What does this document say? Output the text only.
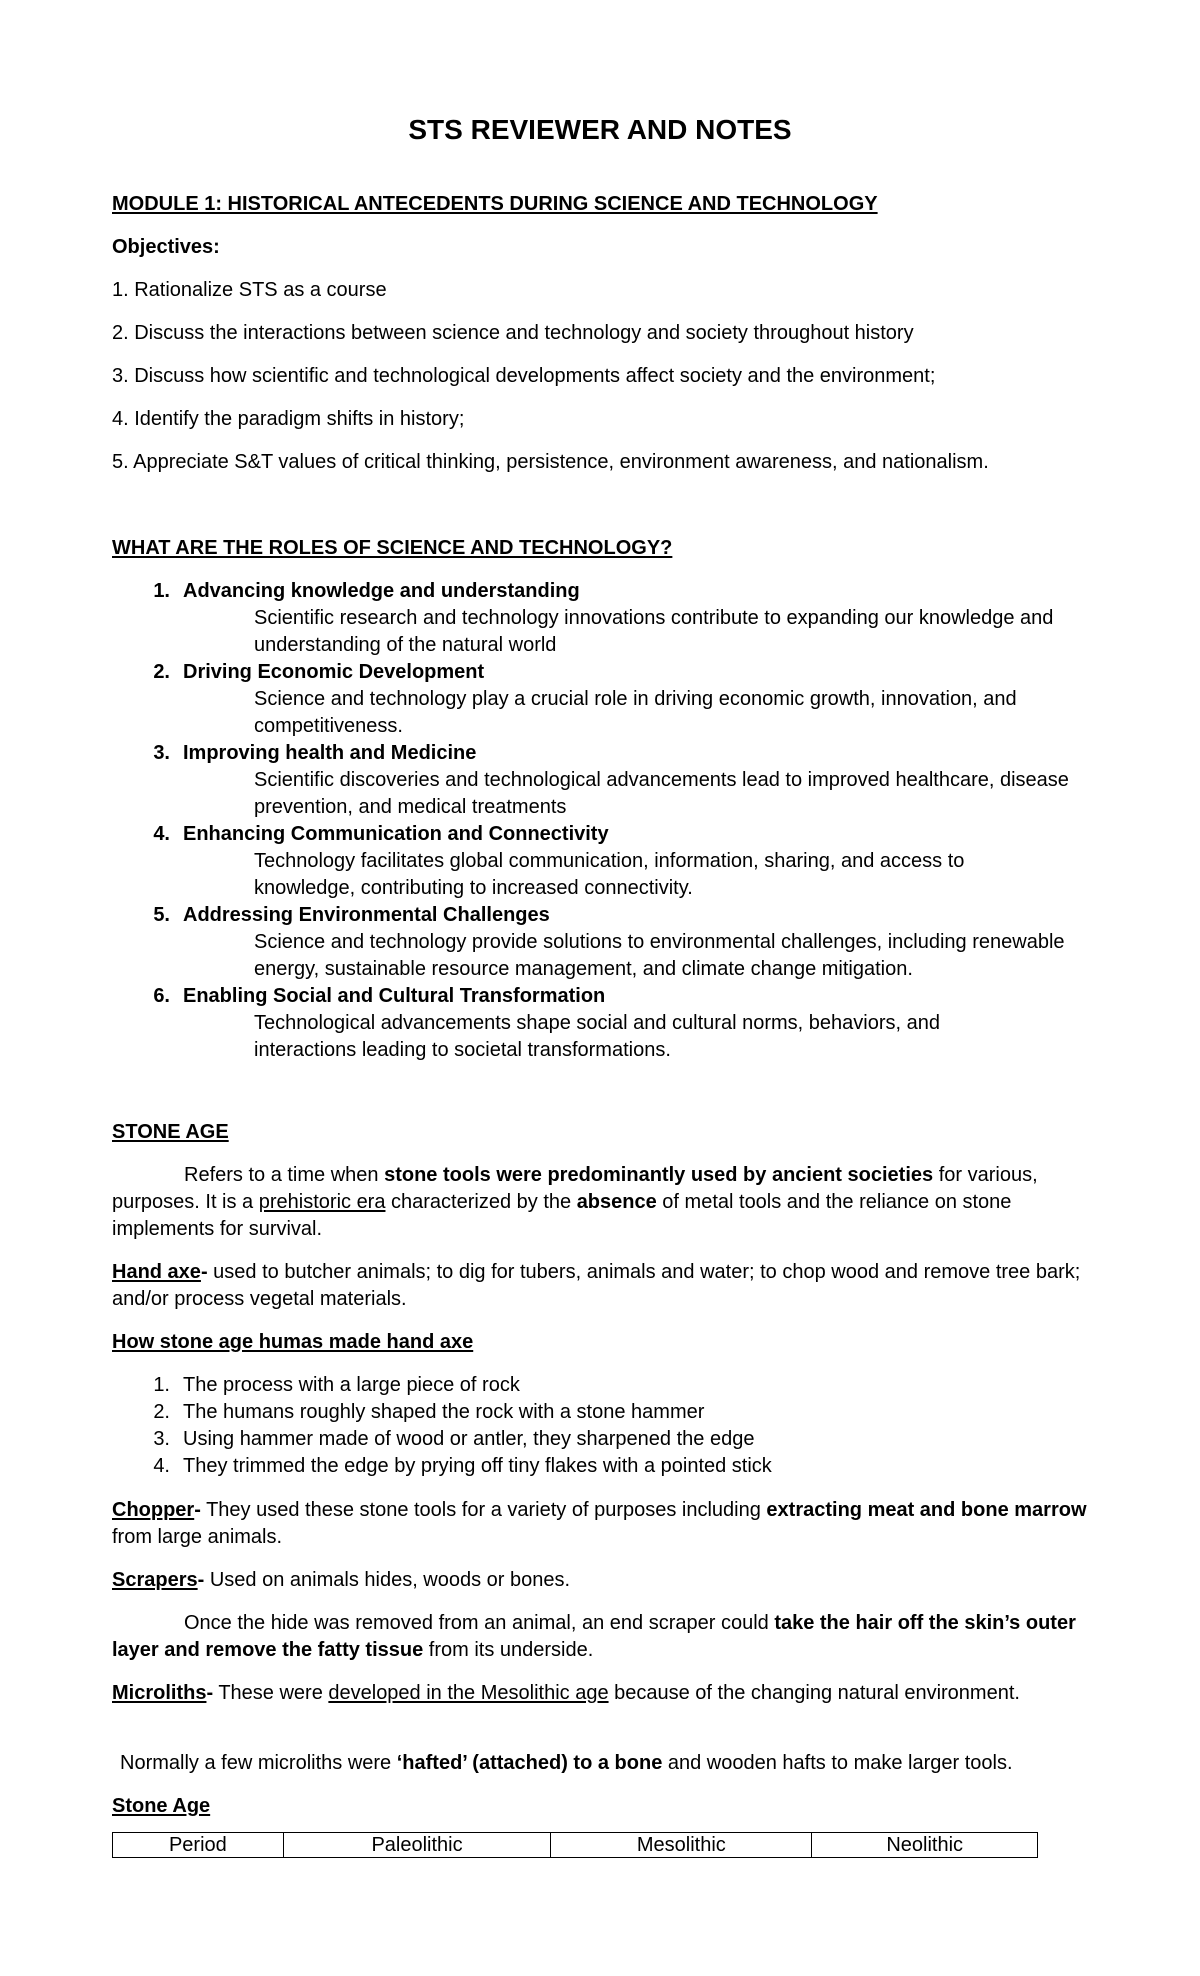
STS REVIEWER AND NOTES
MODULE 1: HISTORICAL ANTECEDENTS DURING SCIENCE AND TECHNOLOGY
Objectives:
1. Rationalize STS as a course
2. Discuss the interactions between science and technology and society throughout history
3. Discuss how scientific and technological developments affect society and the environment;
4. Identify the paradigm shifts in history;
5. Appreciate S&T values of critical thinking, persistence, environment awareness, and nationalism.
WHAT ARE THE ROLES OF SCIENCE AND TECHNOLOGY?
1. Advancing knowledge and understanding
Scientific research and technology innovations contribute to expanding our knowledge and understanding of the natural world
2. Driving Economic Development
Science and technology play a crucial role in driving economic growth, innovation, and competitiveness.
3. Improving health and Medicine
Scientific discoveries and technological advancements lead to improved healthcare, disease prevention, and medical treatments
4. Enhancing Communication and Connectivity
Technology facilitates global communication, information, sharing, and access to knowledge, contributing to increased connectivity.
5. Addressing Environmental Challenges
Science and technology provide solutions to environmental challenges, including renewable energy, sustainable resource management, and climate change mitigation.
6. Enabling Social and Cultural Transformation
Technological advancements shape social and cultural norms, behaviors, and interactions leading to societal transformations.
STONE AGE

Refers to a time when stone tools were predominantly used by ancient societies for various, purposes. It is a prehistoric era characterized by the absence of metal tools and the reliance on stone implements for survival.

Hand axe- used to butcher animals; to dig for tubers, animals and water; to chop wood and remove tree bark; and/or process vegetal materials.

How stone age humas made hand axe
1. The process with a large piece of rock
2. The humans roughly shaped the rock with a stone hammer
3. Using hammer made of wood or antler, they sharpened the edge
4. They trimmed the edge by prying off tiny flakes with a pointed stick

Chopper- They used these stone tools for a variety of purposes including extracting meat and bone marrow from large animals.

Scrapers- Used on animals hides, woods or bones.

Once the hide was removed from an animal, an end scraper could take the hair off the skin’s outer layer and remove the fatty tissue from its underside.

Microliths- These were developed in the Mesolithic age because of the changing natural environment.

Normally a few microliths were ‘hafted’ (attached) to a bone and wooden hafts to make larger tools.

Stone Age
Period	Paleolithic	Mesolithic	Neolithic
